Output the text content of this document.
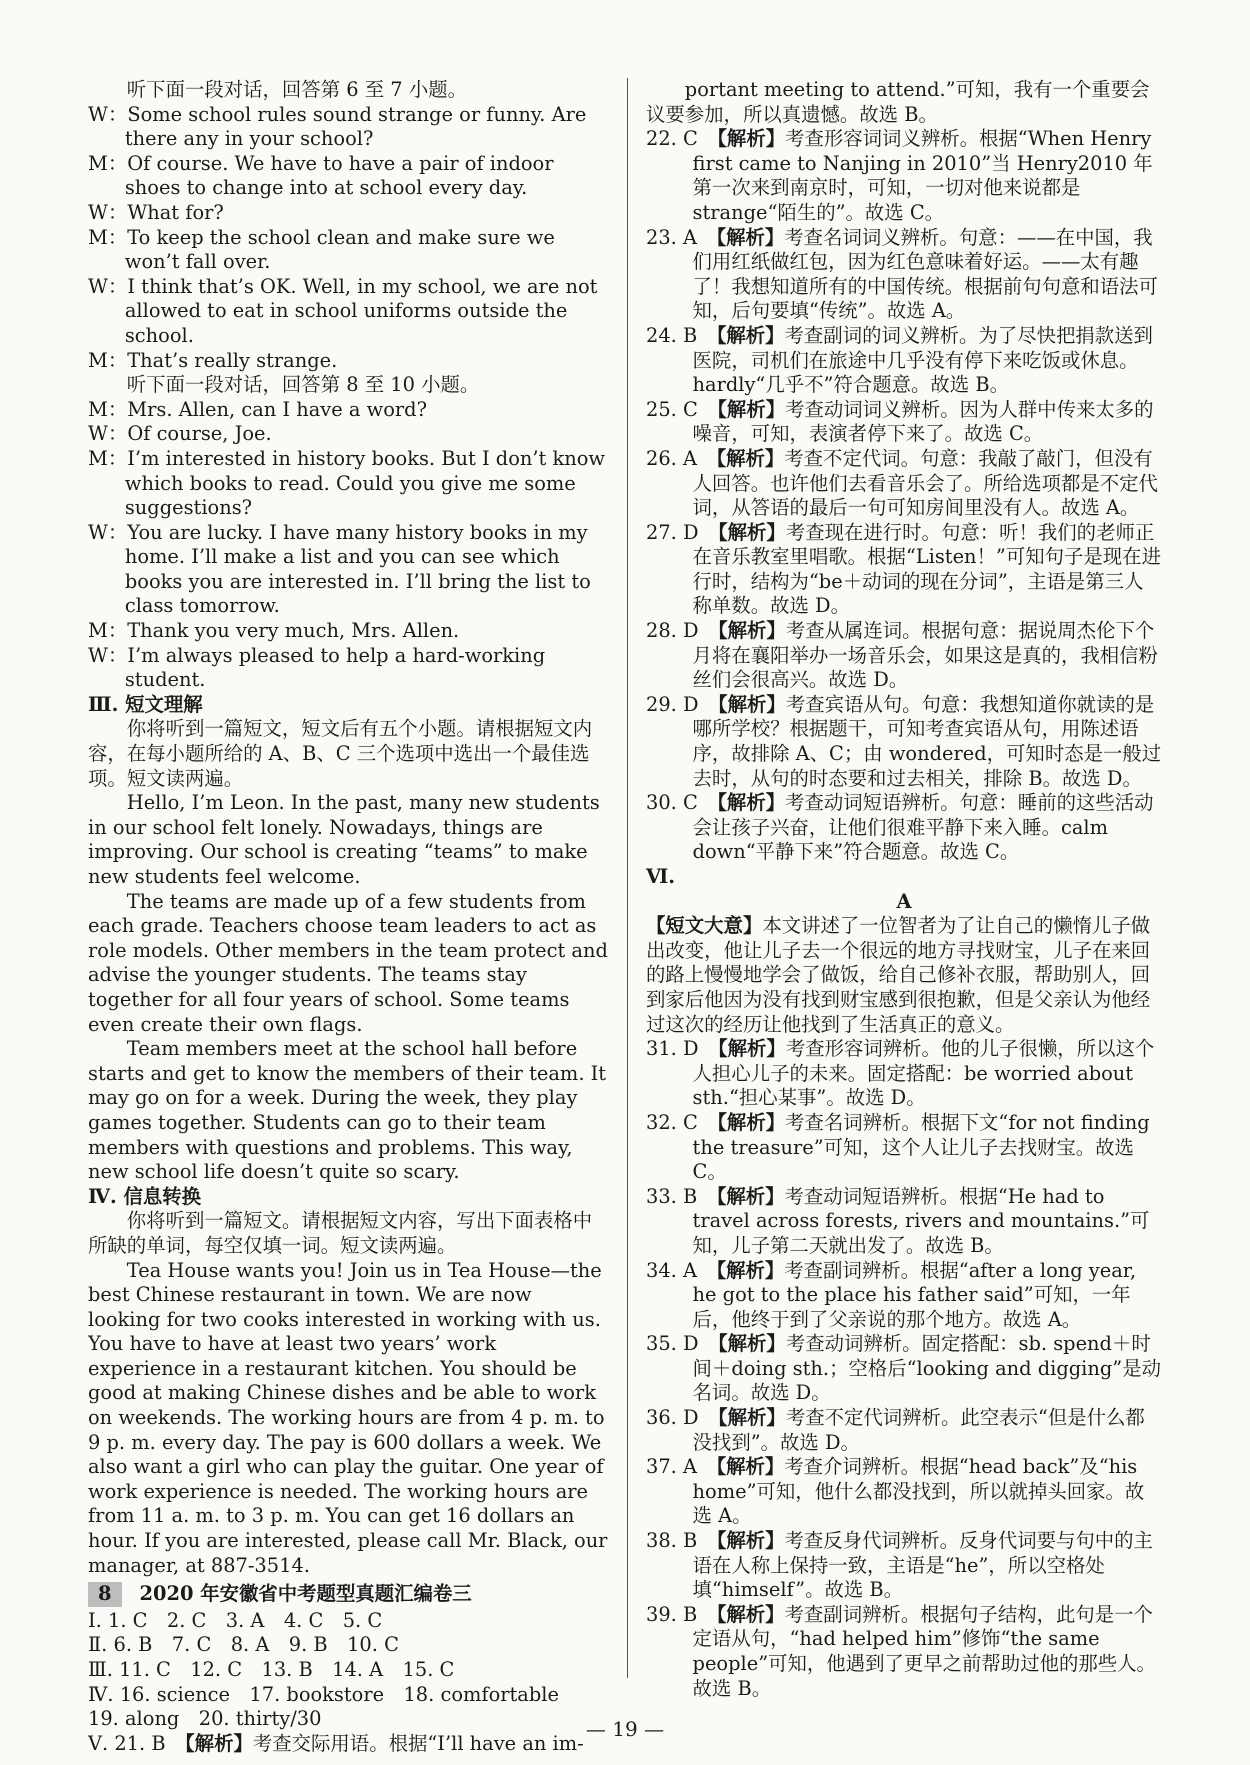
听下面一段对话，回答第 6 至 7 小题。

W：Some school rules sound strange or funny. Are there any in your school?

M：Of course. We have to have a pair of indoor shoes to change into at school every day.

W：What for?

M：To keep the school clean and make sure we won’t fall over.

W：I think that’s OK. Well, in my school, we are not allowed to eat in school uniforms outside the school.

M：That’s really strange.

听下面一段对话，回答第 8 至 10 小题。

M：Mrs. Allen, can I have a word?

W：Of course, Joe.

M：I’m interested in history books. But I don’t know which books to read. Could you give me some suggestions?

W：You are lucky. I have many history books in my home. I’ll make a list and you can see which books you are interested in. I’ll bring the list to class tomorrow.

M：Thank you very much, Mrs. Allen.

W：I’m always pleased to help a hard-working student.

Ⅲ. 短文理解

你将听到一篇短文，短文后有五个小题。请根据短文内容，在每小题所给的 A、B、C 三个选项中选出一个最佳选项。短文读两遍。

Hello, I’m Leon. In the past, many new students in our school felt lonely. Nowadays, things are improving. Our school is creating “teams” to make new students feel welcome.

The teams are made up of a few students from each grade. Teachers choose team leaders to act as role models. Other members in the team protect and advise the younger students. The teams stay together for all four years of school. Some teams even create their own flags.

Team members meet at the school hall before starts and get to know the members of their team. It may go on for a week. During the week, they play games together. Students can go to their team members with questions and problems. This way, new school life doesn’t quite so scary.

Ⅳ. 信息转换

你将听到一篇短文。请根据短文内容，写出下面表格中所缺的单词，每空仅填一词。短文读两遍。

Tea House wants you! Join us in Tea House—the best Chinese restaurant in town. We are now looking for two cooks interested in working with us. You have to have at least two years’ work experience in a restaurant kitchen. You should be good at making Chinese dishes and be able to work on weekends. The working hours are from 4 p. m. to 9 p. m. every day. The pay is 600 dollars a week. We also want a girl who can play the guitar. One year of work experience is needed. The working hours are from 11 a. m. to 3 p. m. You can get 16 dollars an hour. If you are interested, please call Mr. Black, our manager, at 887-3514.

8 2020 年安徽省中考题型真题汇编卷三

Ⅰ. 1. C　2. C　3. A　4. C　5. C

Ⅱ. 6. B　7. C　8. A　9. B　10. C

Ⅲ. 11. C　12. C　13. B　14. A　15. C

Ⅳ. 16. science　17. bookstore　18. comfortable

19. along　20. thirty/30

Ⅴ. 21. B　 【解析】考查交际用语。根据“I’ll have an im-

portant meeting to attend.”可知，我有一个重要会议要参加，所以真遗憾。故选 B。

22. C　 【解析】考查形容词词义辨析。根据“When Henry first came to Nanjing in 2010”当 Henry2010 年第一次来到南京时，可知，一切对他来说都是 strange“陌生的”。故选 C。

23. A　 【解析】考查名词词义辨析。句意：——在中国，我们用红纸做红包，因为红色意味着好运。——太有趣了！我想知道所有的中国传统。根据前句句意和语法可知，后句要填“传统”。故选 A。

24. B　 【解析】考查副词的词义辨析。为了尽快把捐款送到医院，司机们在旅途中几乎没有停下来吃饭或休息。hardly“几乎不”符合题意。故选 B。

25. C　 【解析】考查动词词义辨析。因为人群中传来太多的噪音，可知，表演者停下来了。故选 C。

26. A　 【解析】考查不定代词。句意：我敲了敲门，但没有人回答。也许他们去看音乐会了。所给选项都是不定代词，从答语的最后一句可知房间里没有人。故选 A。

27. D　 【解析】考查现在进行时。句意：听！我们的老师正在音乐教室里唱歌。根据“Listen！”可知句子是现在进行时，结构为“be＋动词的现在分词”，主语是第三人称单数。故选 D。

28. D　 【解析】考查从属连词。根据句意：据说周杰伦下个月将在襄阳举办一场音乐会，如果这是真的，我相信粉丝们会很高兴。故选 D。

29. D　 【解析】考查宾语从句。句意：我想知道你就读的是哪所学校？根据题干，可知考查宾语从句，用陈述语序，故排除 A、C；由 wondered，可知时态是一般过去时，从句的时态要和过去相关，排除 B。故选 D。

30. C　 【解析】考查动词短语辨析。句意：睡前的这些活动会让孩子兴奋，让他们很难平静下来入睡。calm down“平静下来”符合题意。故选 C。

Ⅵ.

A

【短文大意】本文讲述了一位智者为了让自己的懒惰儿子做出改变，他让儿子去一个很远的地方寻找财宝，儿子在来回的路上慢慢地学会了做饭，给自己修补衣服，帮助别人，回到家后他因为没有找到财宝感到很抱歉，但是父亲认为他经过这次的经历让他找到了生活真正的意义。

31. D　 【解析】考查形容词辨析。他的儿子很懒，所以这个人担心儿子的未来。固定搭配：be worried about sth.“担心某事”。故选 D。

32. C　 【解析】考查名词辨析。根据下文“for not finding the treasure”可知，这个人让儿子去找财宝。故选 C。

33. B　 【解析】考查动词短语辨析。根据“He had to travel across forests, rivers and mountains.”可知，儿子第二天就出发了。故选 B。

34. A　 【解析】考查副词辨析。根据“after a long year, he got to the place his father said”可知，一年后，他终于到了父亲说的那个地方。故选 A。

35. D　 【解析】考查动词辨析。固定搭配：sb. spend＋时间＋doing sth.；空格后“looking and digging”是动名词。故选 D。

36. D　 【解析】考查不定代词辨析。此空表示“但是什么都没找到”。故选 D。

37. A　 【解析】考查介词辨析。根据“head back”及“his home”可知，他什么都没找到，所以就掉头回家。故选 A。

38. B　 【解析】考查反身代词辨析。反身代词要与句中的主语在人称上保持一致，主语是“he”，所以空格处填“himself”。故选 B。

39. B　 【解析】考查副词辨析。根据句子结构，此句是一个定语从句，“had helped him”修饰“the same people”可知，他遇到了更早之前帮助过他的那些人。故选 B。

— 19 —
